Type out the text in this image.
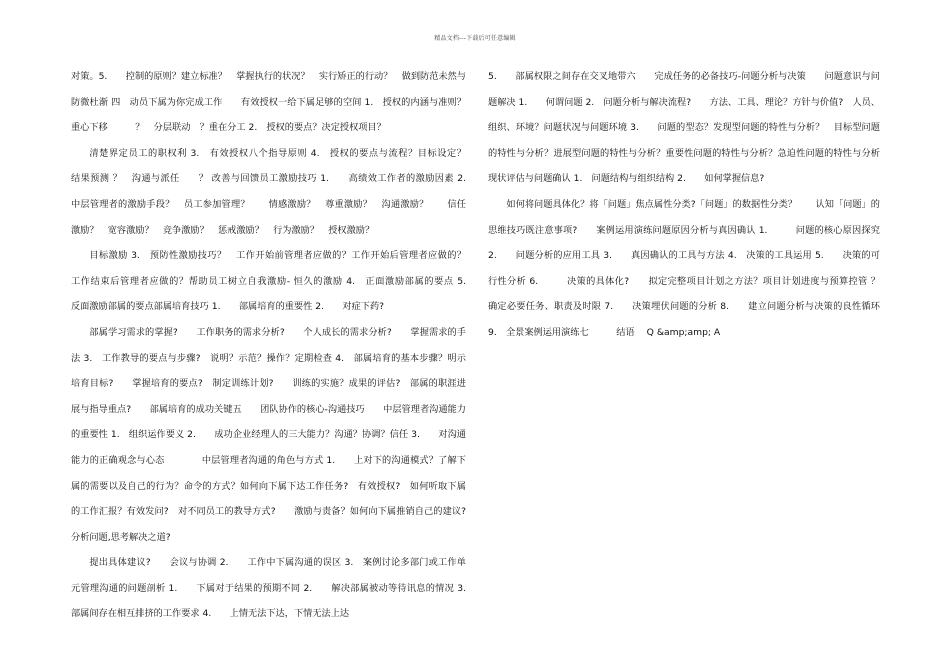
精品文档---下载后可任意编辑

对策。5.　　控制的原则？建立标准？　掌握执行的状况？　实行矫正的行动？　做到防范未然与防微杜渐 四　动员下属为你完成工作　　有效授权一给下属足够的空间 1.　授权的内涵与准则？　重心下移　　　？　分层联动　？重在分工 2.　授权的要点？决定授权项目？

清楚界定员工的职权利 3.　有效授权八个指导原则 4.　授权的要点与流程？目标设定？　　结果预测 ？　沟通与派任　　？ 改善与回馈员工激励技巧 1.　　高绩效工作者的激励因素 2.　中层管理者的激励手段？　员工参加管理？　　情感激励？　尊重激励？　沟通激励？　　信任激励？　宽容激励？　竞争激励？　惩戒激励？　行为激励？　授权激励？

目标激励 3.　预防性激励技巧？　工作开始前管理者应做的？工作开始后管理者应做的？　工作结束后管理者应做的？帮助员工树立自我激励- 恒久的激励 4.　正面激励部属的要点 5.　　反面激励部属的要点部属培育技巧 1.　　部属培育的重要性 2.　　对症下药?

部属学习需求的掌握?　　工作职务的需求分析?　　个人成长的需求分析?　　掌握需求的手法 3.　工作教导的要点与步骤?　说明？示范？操作？定期检查 4.　部属培育的基本步骤？明示培育目标?　　掌握培育的要点?　制定训练计划?　　训练的实施？成果的评估?　部属的职涯进展与指导重点?　　部属培育的成功关键五　　团队协作的核心-沟通技巧　　中层管理者沟通能力的重要性 1.　组织运作要义 2.　　成功企业经理人的三大能力？沟通？协调？信任 3.　　对沟通能力的正确观念与心态　　　　中层管理者沟通的角色与方式 1.　　上对下的沟通模式？了解下属的需要以及自己的行为？命令的方式？如何向下属下达工作任务?　有效授权?　如何听取下属的工作汇报？有效发问?　对不同员工的教导方式?　　激励与责备？如何向下属推销自己的建议?　　分析问题,思考解决之道?

提出具体建议?　　会议与协调 2.　　工作中下属沟通的误区 3.　案例讨论多部门或工作单元管理沟通的问题剖析 1.　　下属对于结果的预期不同 2.　　解决部属被动等待讯息的情况 3.　部属间存在相互排挤的工作要求 4.　　上情无法下达，下情无法上达

5.　　部属权限之间存在交叉地带六　　完成任务的必备技巧-问题分析与决策　　问题意识与问题解决 1.　　何谓问题 2.　问题分析与解决流程?　　方法、工具、理论？方针与价值?　人员、组织、环境？问题状况与问题环境 3.　　问题的型态？发现型问题的特性与分析？　目标型问题的特性与分析？进展型问题的特性与分析？重要性问题的特性与分析？急迫性问题的特性与分析现状评估与问题确认 1.　问题结构与组织结构 2.　　如何掌握信息?

如何将问题具体化？将「问题」焦点属性分类?「问题」的数据性分类？　　认知「问题」的思维技巧既注意事项?　　案例运用演练问题原因分析与真因确认 1.　　　问题的核心原因探究 2.　　问题分析的应用工具 3.　　真因确认的工具与方法 4.　决策的工具运用 5.　　决策的可行性分析 6.　　　决策的具体化?　　拟定完整项目计划之方法？项目计划进度与预算控管 ？　确定必要任务、职责及时限 7.　　决策埋伏问题的分析 8.　　建立问题分析与决策的良性循环 9.　全景案例运用演练七　　　结语　 Q &amp;amp; A
